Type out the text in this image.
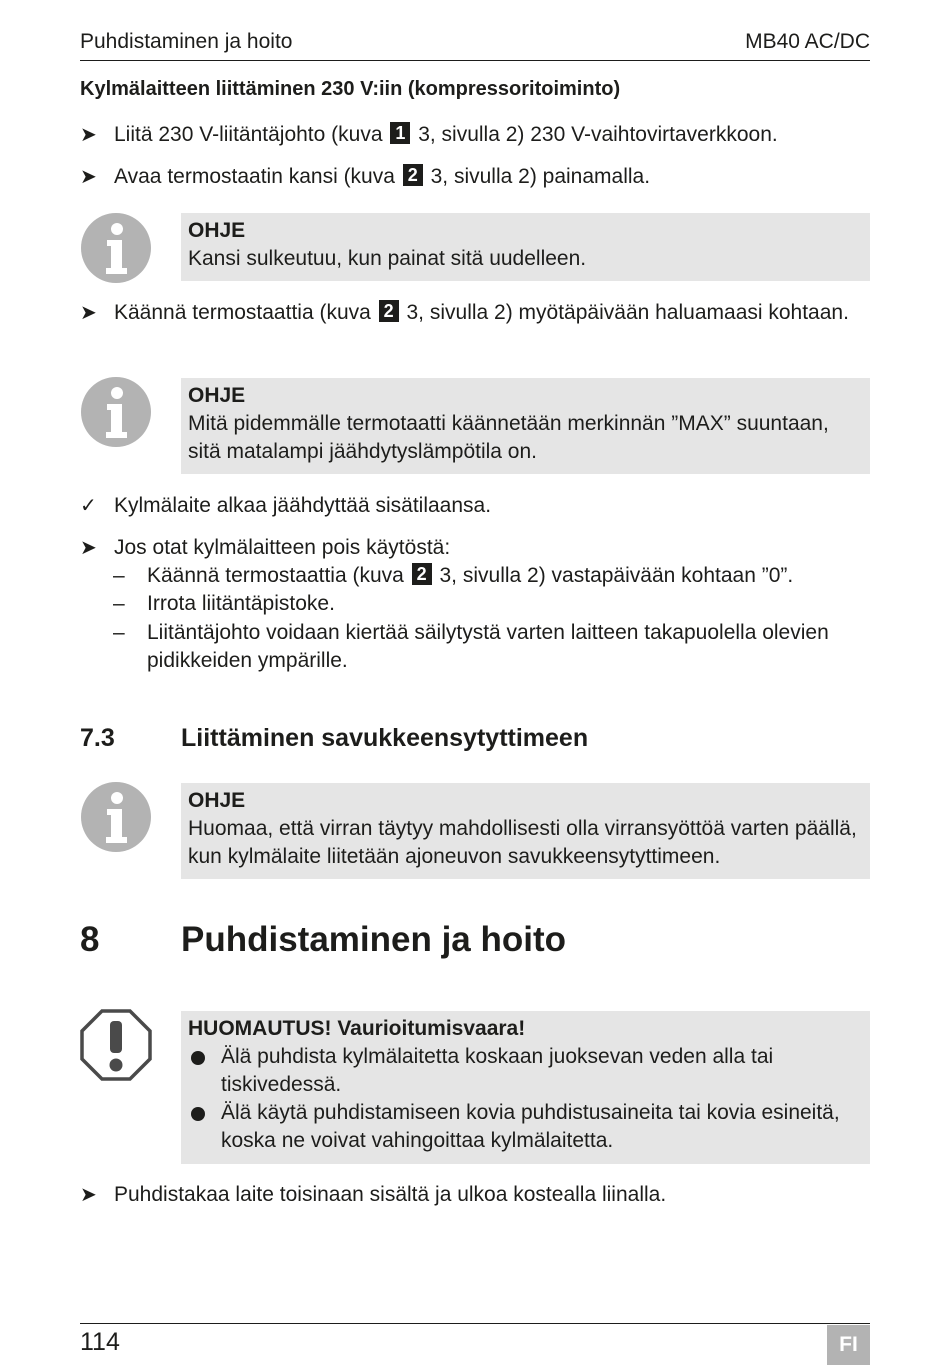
Puhdistaminen ja hoito	MB40 AC/DC
Kylmälaitteen liittäminen 230 V:iin (kompressoritoiminto)
➤ Liitä 230 V-liitäntäjohto (kuva 1 3, sivulla 2) 230 V-vaihtovirtaverkkoon.
➤ Avaa termostaatin kansi (kuva 2 3, sivulla 2) painamalla.
OHJE
Kansi sulkeutuu, kun painat sitä uudelleen.
➤ Käännä termostaattia (kuva 2 3, sivulla 2) myötäpäivään haluamaasi kohtaan.
OHJE
Mitä pidemmälle termotaatti käännetään merkinnän ”MAX” suuntaan, sitä matalampi jäähdytyslämpötila on.
✓ Kylmälaite alkaa jäähdyttää sisätilaansa.
➤ Jos otat kylmälaitteen pois käytöstä:
– Käännä termostaattia (kuva 2 3, sivulla 2) vastapäivään kohtaan ”0”.
– Irrota liitäntäpistoke.
– Liitäntäjohto voidaan kiertää säilytystä varten laitteen takapuolella olevien pidikkeiden ympärille.
7.3	Liittäminen savukkeensytyttimeen
OHJE
Huomaa, että virran täytyy mahdollisesti olla virransyöttöä varten päällä, kun kylmälaite liitetään ajoneuvon savukkeensytyttimeen.
8 Puhdistaminen ja hoito
HUOMAUTUS! Vaurioitumisvaara!
Älä puhdista kylmälaitetta koskaan juoksevan veden alla tai tiskivedessä.
Älä käytä puhdistamiseen kovia puhdistusaineita tai kovia esineitä, koska ne voivat vahingoittaa kylmälaitetta.
➤ Puhdistakaa laite toisinaan sisältä ja ulkoa kostealla liinalla.
114	FI
